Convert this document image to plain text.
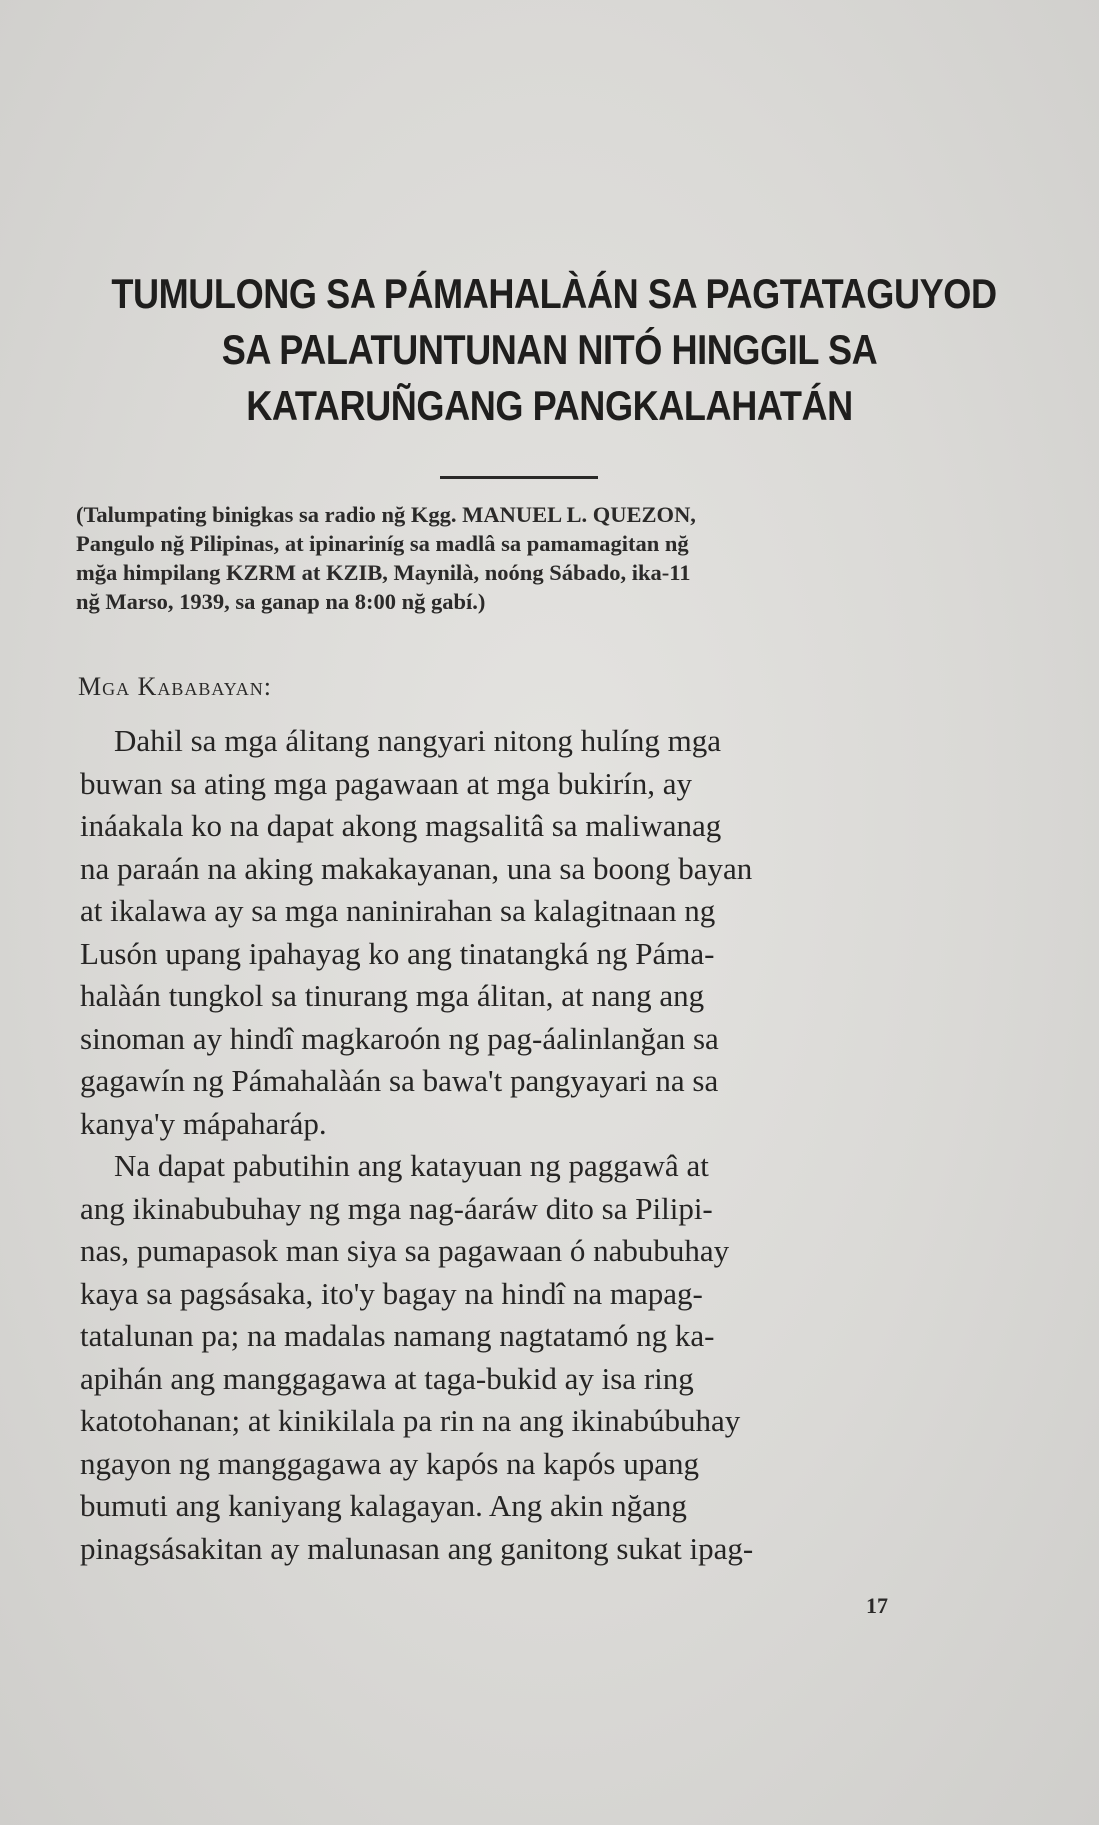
TUMULONG SA PÁMAHALÀÁN SA PAGTATAGUYOD
SA PALATUNTUNAN NITÓ HINGGIL SA
KATARUÑGANG PANGKALAHATÁN
(Talumpating binigkas sa radio nğ Kgg. MANUEL L. QUEZON,
Pangulo nğ Pilipinas, at ipinariníg sa madlâ sa pamamagitan nğ
mğa himpilang KZRM at KZIB, Maynilà, noóng Sábado, ika-11
nğ Marso, 1939, sa ganap na 8:00 nğ gabí.)
Mga Kababayan:
Dahil sa mga álitang nangyari nitong hulíng mga
buwan sa ating mga pagawaan at mga bukirín, ay
ináakala ko na dapat akong magsalitâ sa maliwanag
na paraán na aking makakayanan, una sa boong bayan
at ikalawa ay sa mga naninirahan sa kalagitnaan ng
Lusón upang ipahayag ko ang tinatangká ng Páma-
halàán tungkol sa tinurang mga álitan, at nang ang
sinoman ay hindî magkaroón ng pag-áalinlanğan sa
gagawín ng Pámahalàán sa bawa't pangyayari na sa
kanya'y mápaharáp.
Na dapat pabutihin ang katayuan ng paggawâ at
ang ikinabubuhay ng mga nag-áaráw dito sa Pilipi-
nas, pumapasok man siya sa pagawaan ó nabubuhay
kaya sa pagsásaka, ito'y bagay na hindî na mapag-
tatalunan pa; na madalas namang nagtatamó ng ka-
apihán ang manggagawa at taga-bukid ay isa ring
katotohanan; at kinikilala pa rin na ang ikinabúbuhay
ngayon ng manggagawa ay kapós na kapós upang
bumuti ang kaniyang kalagayan. Ang akin nğang
pinagsásakitan ay malunasan ang ganitong sukat ipag-
17
